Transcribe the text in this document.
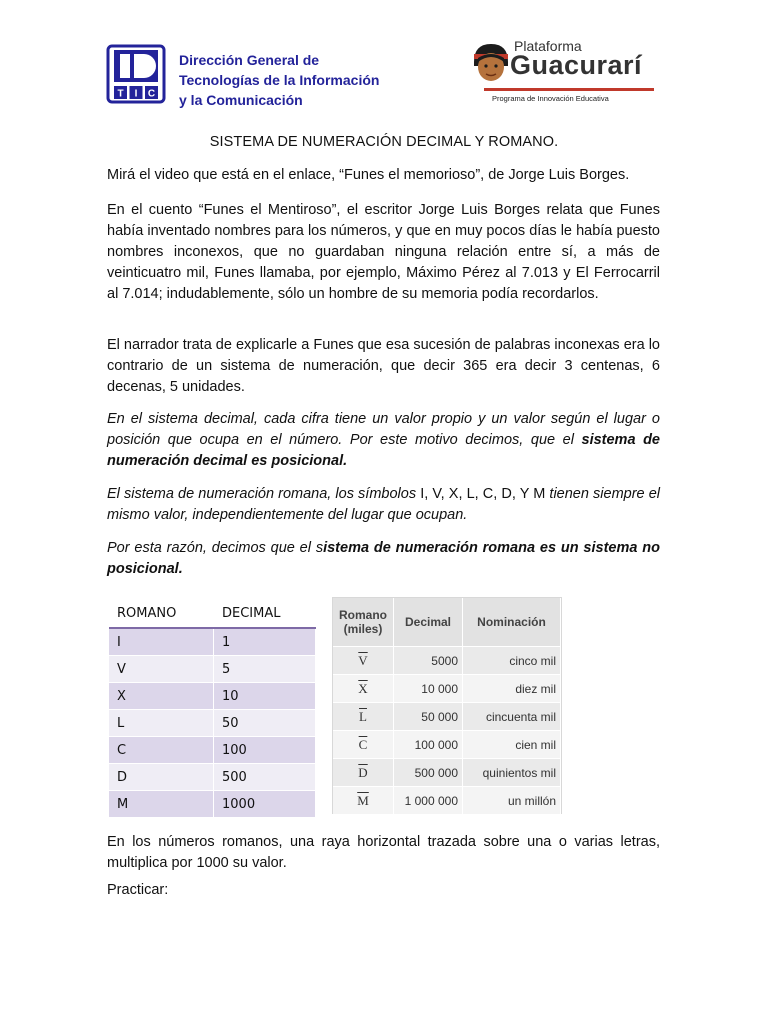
T I C
Dirección General de
Tecnologías de la Información
y la Comunicación
Plataforma
Guacurarí
Programa de Innovación Educativa
SISTEMA DE NUMERACIÓN DECIMAL Y ROMANO.
Mirá el video que está en el enlace, “Funes el memorioso”, de Jorge Luis Borges.
En el cuento “Funes el Mentiroso”, el escritor Jorge Luis Borges relata que Funes había inventado nombres para los números, y que en muy pocos días le había puesto nombres inconexos, que no guardaban ninguna relación entre sí, a más de veinticuatro mil, Funes llamaba, por ejemplo, Máximo Pérez al 7.013 y El Ferrocarril al 7.014; indudablemente, sólo un hombre de su memoria podía recordarlos.
El narrador trata de explicarle a Funes que esa sucesión de palabras inconexas era lo contrario de un sistema de numeración, que decir 365 era decir 3 centenas, 6 decenas, 5 unidades.
En el sistema decimal, cada cifra tiene un valor propio y un valor según el lugar o posición que ocupa en el número. Por este motivo decimos, que el sistema de numeración decimal es posicional.
El sistema de numeración romana, los símbolos I, V, X, L, C, D, Y M tienen siempre el mismo valor, independientemente del lugar que ocupan.
Por esta razón, decimos que el sistema de numeración romana es un sistema no posicional.
ROMANO	DECIMAL
I	1
V	5
X	10
L	50
C	100
D	500
M	1000
Romano (miles)	Decimal	Nominación
$\overline{V}$	5000	cinco mil
$\overline{X}$	10 000	diez mil
$\overline{L}$	50 000	cincuenta mil
$\overline{C}$	100 000	cien mil
$\overline{D}$	500 000	quinientos mil
$\overline{M}$	1 000 000	un millón
En los números romanos, una raya horizontal trazada sobre una o varias letras, multiplica por 1000 su valor.
Practicar:
